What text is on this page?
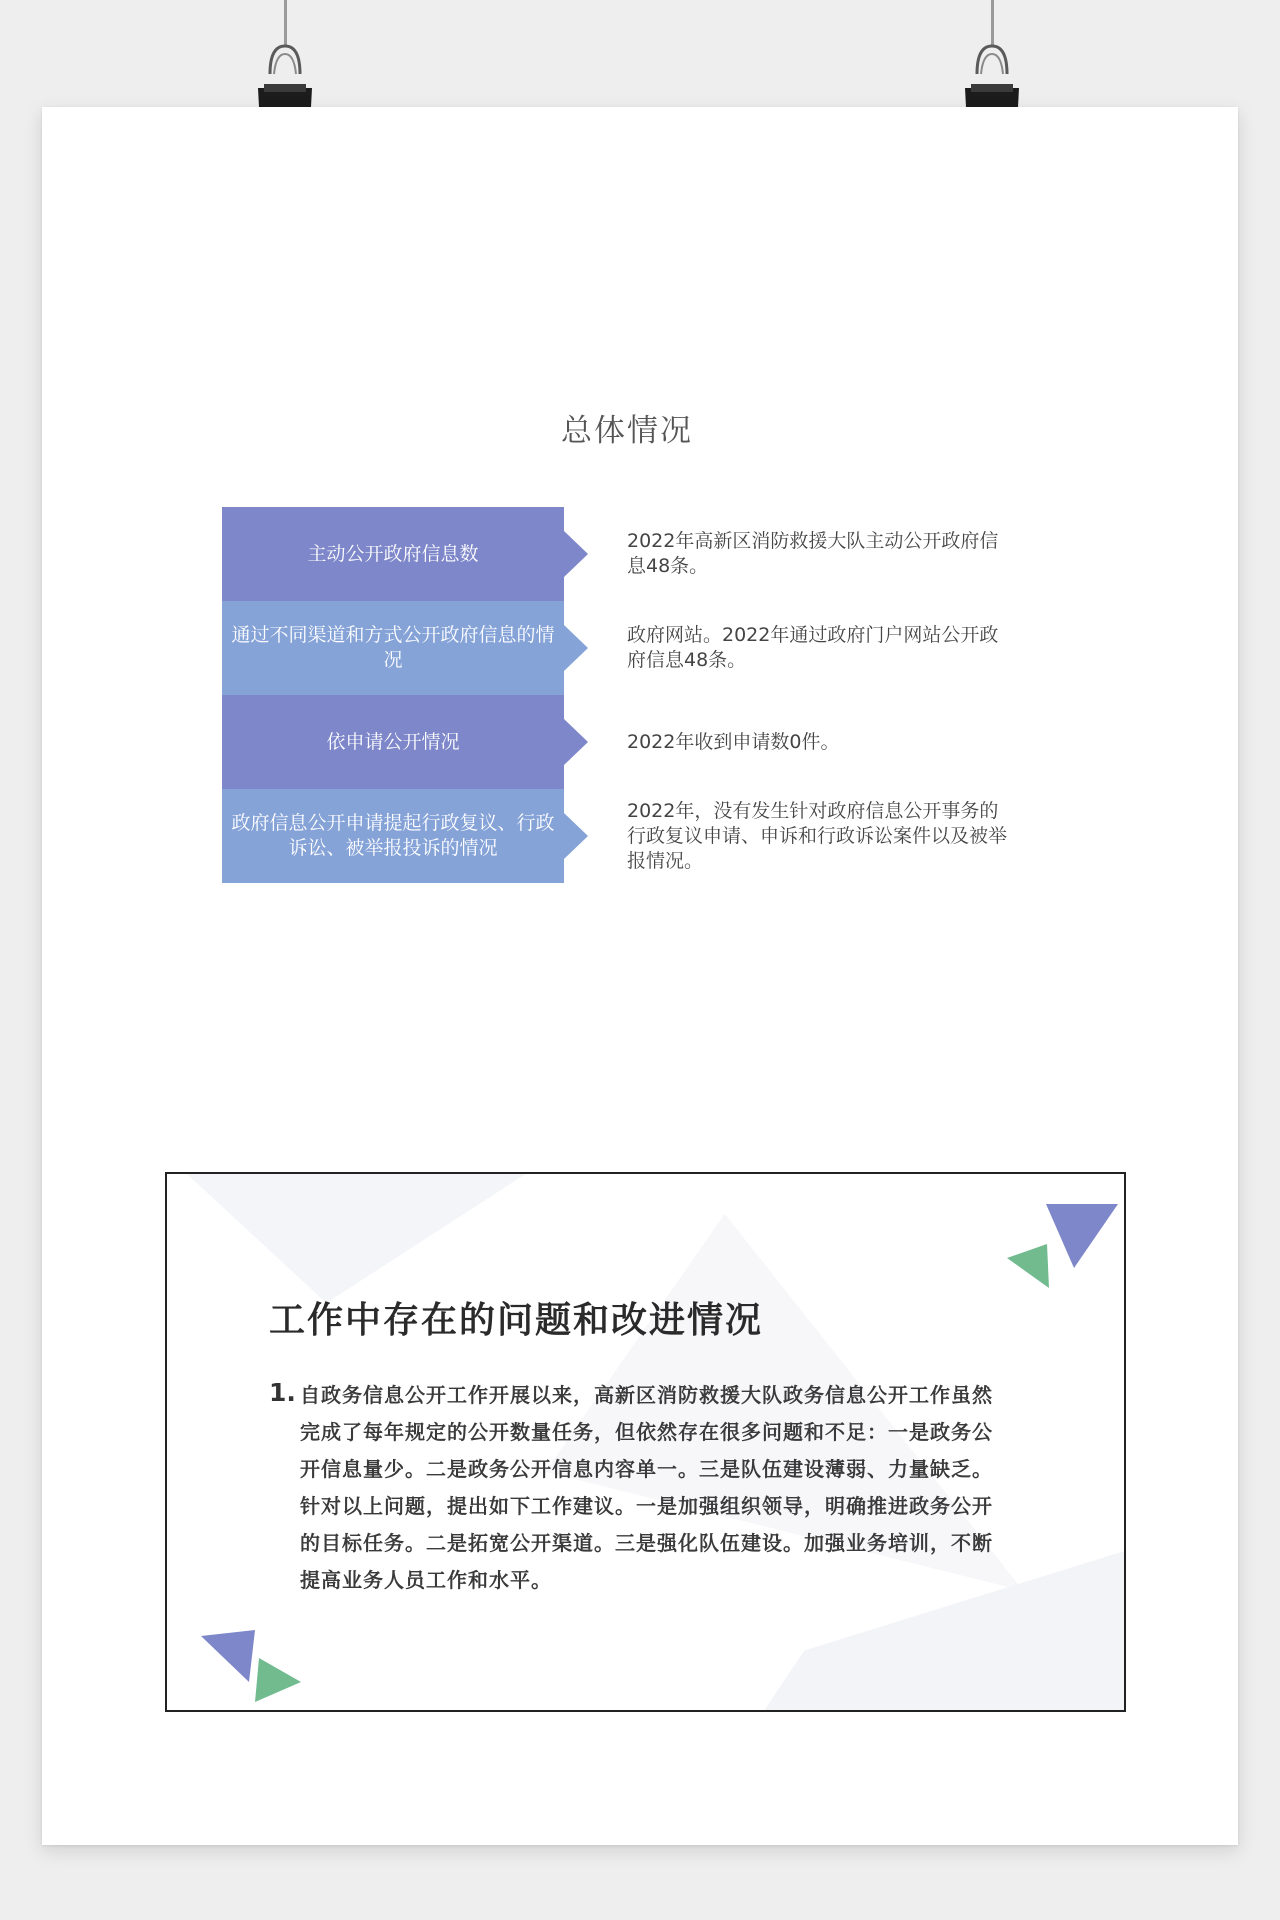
总体情况
主动公开政府信息数
2022年高新区消防救援大队主动公开政府信息48条。
通过不同渠道和方式公开政府信息的情况
政府网站。2022年通过政府门户网站公开政府信息48条。
依申请公开情况	2022年收到申请数0件。
政府信息公开申请提起行政复议、行政诉讼、被举报投诉的情况
2022年，没有发生针对政府信息公开事务的行政复议申请、申诉和行政诉讼案件以及被举报情况。
工作中存在的问题和改进情况
1. 自政务信息公开工作开展以来，高新区消防救援大队政务信息公开工作虽然完成了每年规定的公开数量任务，但依然存在很多问题和不足：一是政务公开信息量少。二是政务公开信息内容单一。三是队伍建设薄弱、力量缺乏。针对以上问题，提出如下工作建议。一是加强组织领导，明确推进政务公开的目标任务。二是拓宽公开渠道。三是强化队伍建设。加强业务培训，不断提高业务人员工作和水平。
